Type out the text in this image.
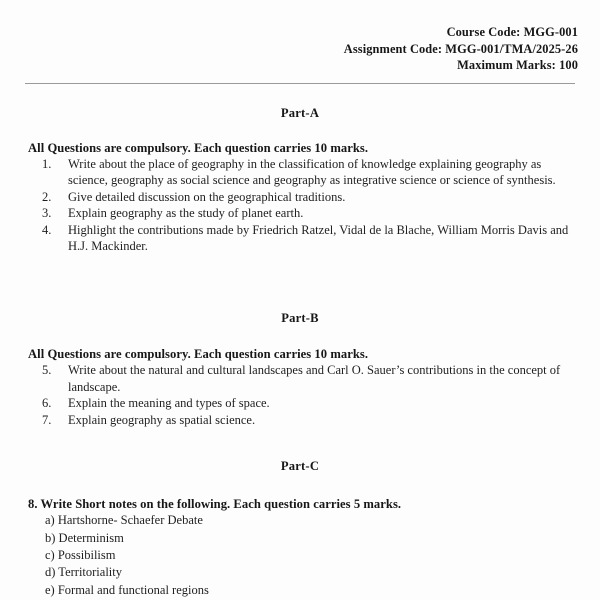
Course Code: MGG-001
Assignment Code: MGG-001/TMA/2025-26
Maximum Marks: 100
Part-A
All Questions are compulsory. Each question carries 10 marks.
1.	Write about the place of geography in the classification of knowledge explaining geography as science, geography as social science and geography as integrative science or science of synthesis.
2.	Give detailed discussion on the geographical traditions.
3.	Explain geography as the study of planet earth.
4.	Highlight the contributions made by Friedrich Ratzel, Vidal de la Blache, William Morris Davis and H.J. Mackinder.
Part-B
All Questions are compulsory. Each question carries 10 marks.
5.	Write about the natural and cultural landscapes and Carl O. Sauer’s contributions in the concept of landscape.
6.	Explain the meaning and types of space.
7.	Explain geography as spatial science.
Part-C
8. Write Short notes on the following. Each question carries 5 marks.
a) Hartshorne- Schaefer Debate
b) Determinism
c) Possibilism
d) Territoriality
e) Formal and functional regions
